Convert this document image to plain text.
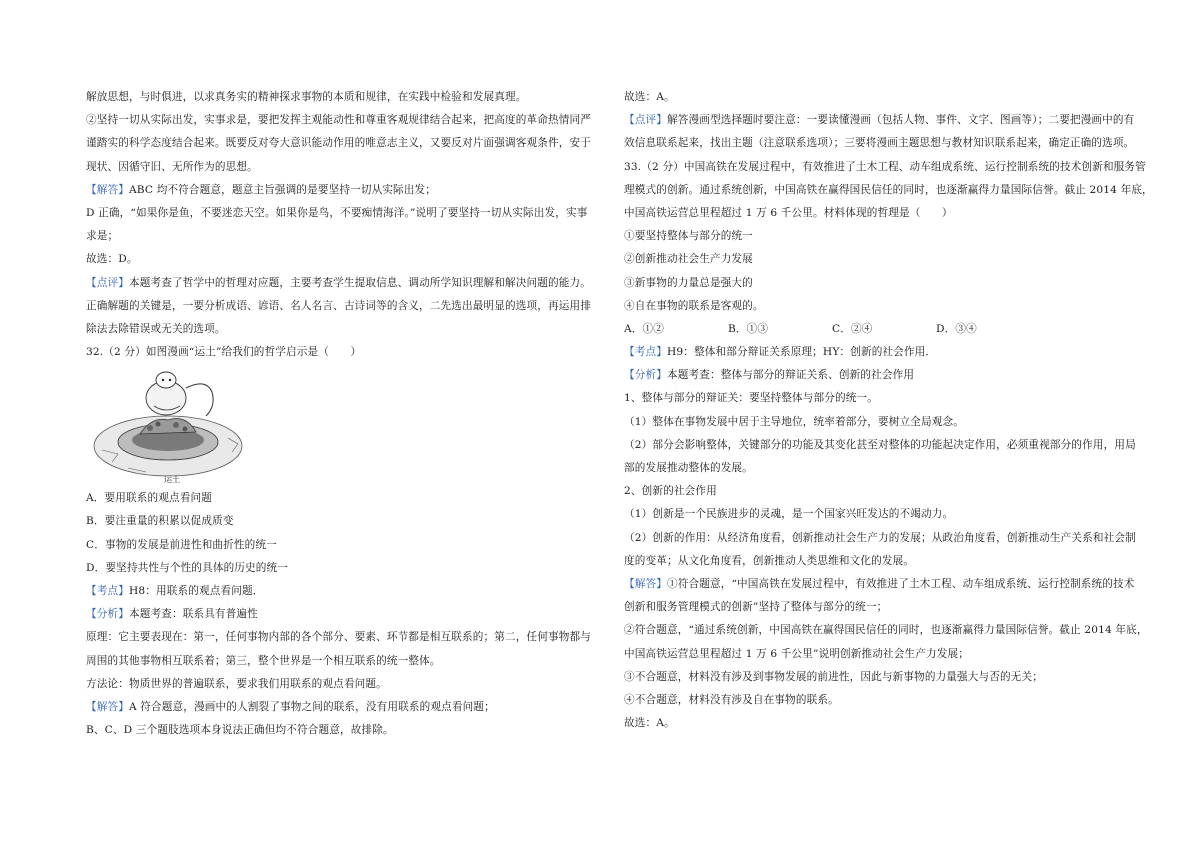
解放思想，与时俱进，以求真务实的精神探求事物的本质和规律，在实践中检验和发展真理。
②坚持一切从实际出发，实事求是，要把发挥主观能动性和尊重客观规律结合起来，把高度的革命热情同严
谨踏实的科学态度结合起来。既要反对夸大意识能动作用的唯意志主义，又要反对片面强调客观条件，安于
现状、因循守旧、无所作为的思想。
【解答】ABC 均不符合题意，题意主旨强调的是要坚持一切从实际出发；
D 正确，“如果你是鱼，不要迷恋天空。如果你是鸟，不要痴情海洋。”说明了要坚持一切从实际出发，实事
求是；
故选：D。
【点评】本题考查了哲学中的哲理对应题，主要考查学生提取信息、调动所学知识理解和解决问题的能力。
正确解题的关键是，一要分析成语、谚语、名人名言、古诗词等的含义，二先选出最明显的选项，再运用排
除法去除错误或无关的选项。
32.（2 分）如图漫画“运土”给我们的哲学启示是（　　）
运土
A．要用联系的观点看问题
B．要注重量的积累以促成质变
C．事物的发展是前进性和曲折性的统一
D．要坚持共性与个性的具体的历史的统一
【考点】H8：用联系的观点看问题．
【分析】本题考查：联系具有普遍性
原理：它主要表现在：第一，任何事物内部的各个部分、要素、环节都是相互联系的；第二，任何事物都与
周围的其他事物相互联系着；第三，整个世界是一个相互联系的统一整体。
方法论：物质世界的普遍联系，要求我们用联系的观点看问题。
【解答】A 符合题意，漫画中的人割裂了事物之间的联系，没有用联系的观点看问题；
B、C、D 三个题肢选项本身说法正确但均不符合题意，故排除。
故选：A。
【点评】解答漫画型选择题时要注意：一要读懂漫画（包括人物、事件、文字、图画等）；二要把漫画中的有
效信息联系起来，找出主题（注意联系选项）；三要将漫画主题思想与教材知识联系起来，确定正确的选项。
33.（2 分）中国高铁在发展过程中，有效推进了土木工程、动车组成系统、运行控制系统的技术创新和服务管
理模式的创新。通过系统创新，中国高铁在赢得国民信任的同时，也逐渐赢得力量国际信誉。截止 2014 年底，
中国高铁运营总里程超过 1 万 6 千公里。材料体现的哲理是（　　）
①要坚持整体与部分的统一
②创新推动社会生产力发展
③新事物的力量总是强大的
④自在事物的联系是客观的。
A．①②	B．①③	C．②④	D．③④
【考点】H9：整体和部分辩证关系原理；HY：创新的社会作用．
【分析】本题考查：整体与部分的辩证关系、创新的社会作用
1、整体与部分的辩证关：要坚持整体与部分的统一。
（1）整体在事物发展中居于主导地位，统率着部分，要树立全局观念。
（2）部分会影响整体，关键部分的功能及其变化甚至对整体的功能起决定作用，必须重视部分的作用，用局
部的发展推动整体的发展。
2、创新的社会作用
（1）创新是一个民族进步的灵魂，是一个国家兴旺发达的不竭动力。
（2）创新的作用：从经济角度看，创新推动社会生产力的发展；从政治角度看，创新推动生产关系和社会制
度的变革；从文化角度看，创新推动人类思维和文化的发展。
【解答】①符合题意，“中国高铁在发展过程中，有效推进了土木工程、动车组成系统、运行控制系统的技术
创新和服务管理模式的创新”坚持了整体与部分的统一；
②符合题意，“通过系统创新，中国高铁在赢得国民信任的同时，也逐渐赢得力量国际信誉。截止 2014 年底，
中国高铁运营总里程超过 1 万 6 千公里”说明创新推动社会生产力发展；
③不合题意，材料没有涉及到事物发展的前进性，因此与新事物的力量强大与否的无关；
④不合题意，材料没有涉及自在事物的联系。
故选：A。
